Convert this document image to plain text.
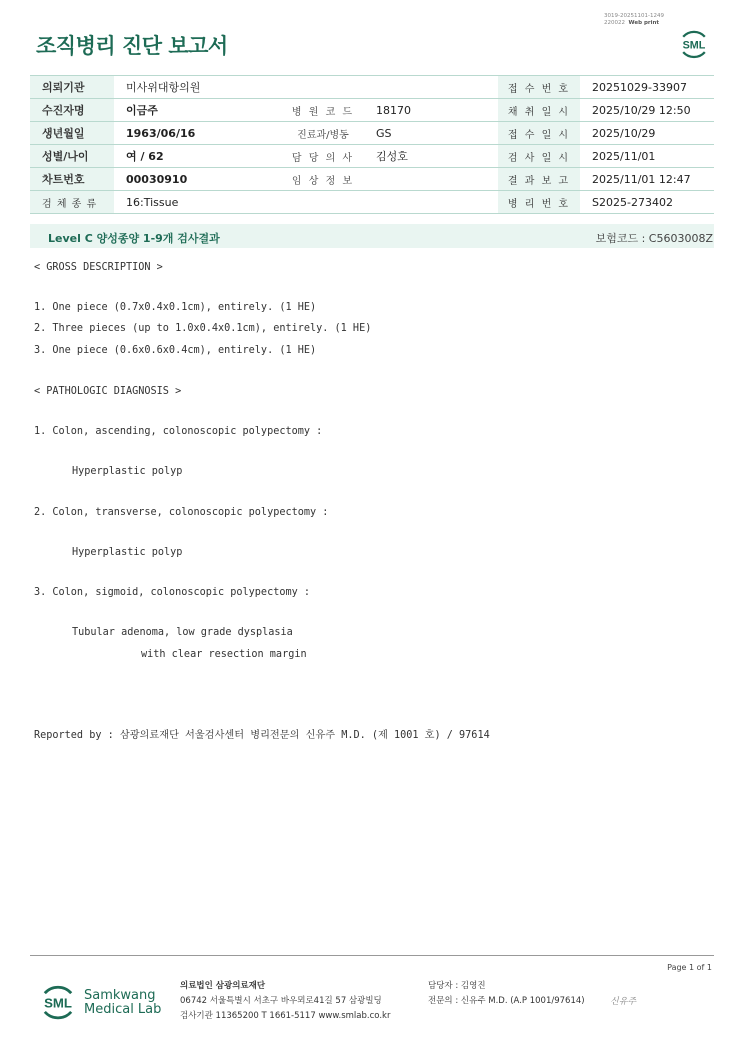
3019-20251101-1249
220022 Web print
조직병리 진단 보고서	SML
의뢰기관	미사위대항의원			접 수 번 호	20251029-33907
수진자명	이금주	병 원 코 드	18170	채 취 일 시	2025/10/29 12:50
생년월일	1963/06/16	진료과/병동	GS	접 수 일 시	2025/10/29
성별/나이	여 / 62	담 당 의 사	김성호	검 사 일 시	2025/11/01
차트번호	00030910	임 상 정 보		결 과 보 고	2025/11/01 12:47
검 체 종 류	16:Tissue			병 리 번 호	S2025-273402
Level C 양성종양 1-9개 검사결과	보험코드 : C5603008Z
< GROSS DESCRIPTION >
1. One piece (0.7x0.4x0.1cm), entirely. (1 HE)
2. Three pieces (up to 1.0x0.4x0.1cm), entirely. (1 HE)
3. One piece (0.6x0.6x0.4cm), entirely. (1 HE)
< PATHOLOGIC DIAGNOSIS >
1. Colon, ascending, colonoscopic polypectomy :
Hyperplastic polyp
2. Colon, transverse, colonoscopic polypectomy :
Hyperplastic polyp
3. Colon, sigmoid, colonoscopic polypectomy :
Tubular adenoma, low grade dysplasia
with clear resection margin
Reported by : 삼광의료재단 서울검사센터 병리전문의 신유주 M.D. (제 1001 호) / 97614
Page 1 of 1
SML Samkwang
Medical Lab
의료법인 삼광의료재단
06742 서울특별시 서초구 바우뫼로41길 57 삼광빌딩
검사기관 11365200 T 1661-5117 www.smlab.co.kr
담당자 : 김영진
전문의 : 신유주 M.D. (A.P 1001/97614)	신유주
